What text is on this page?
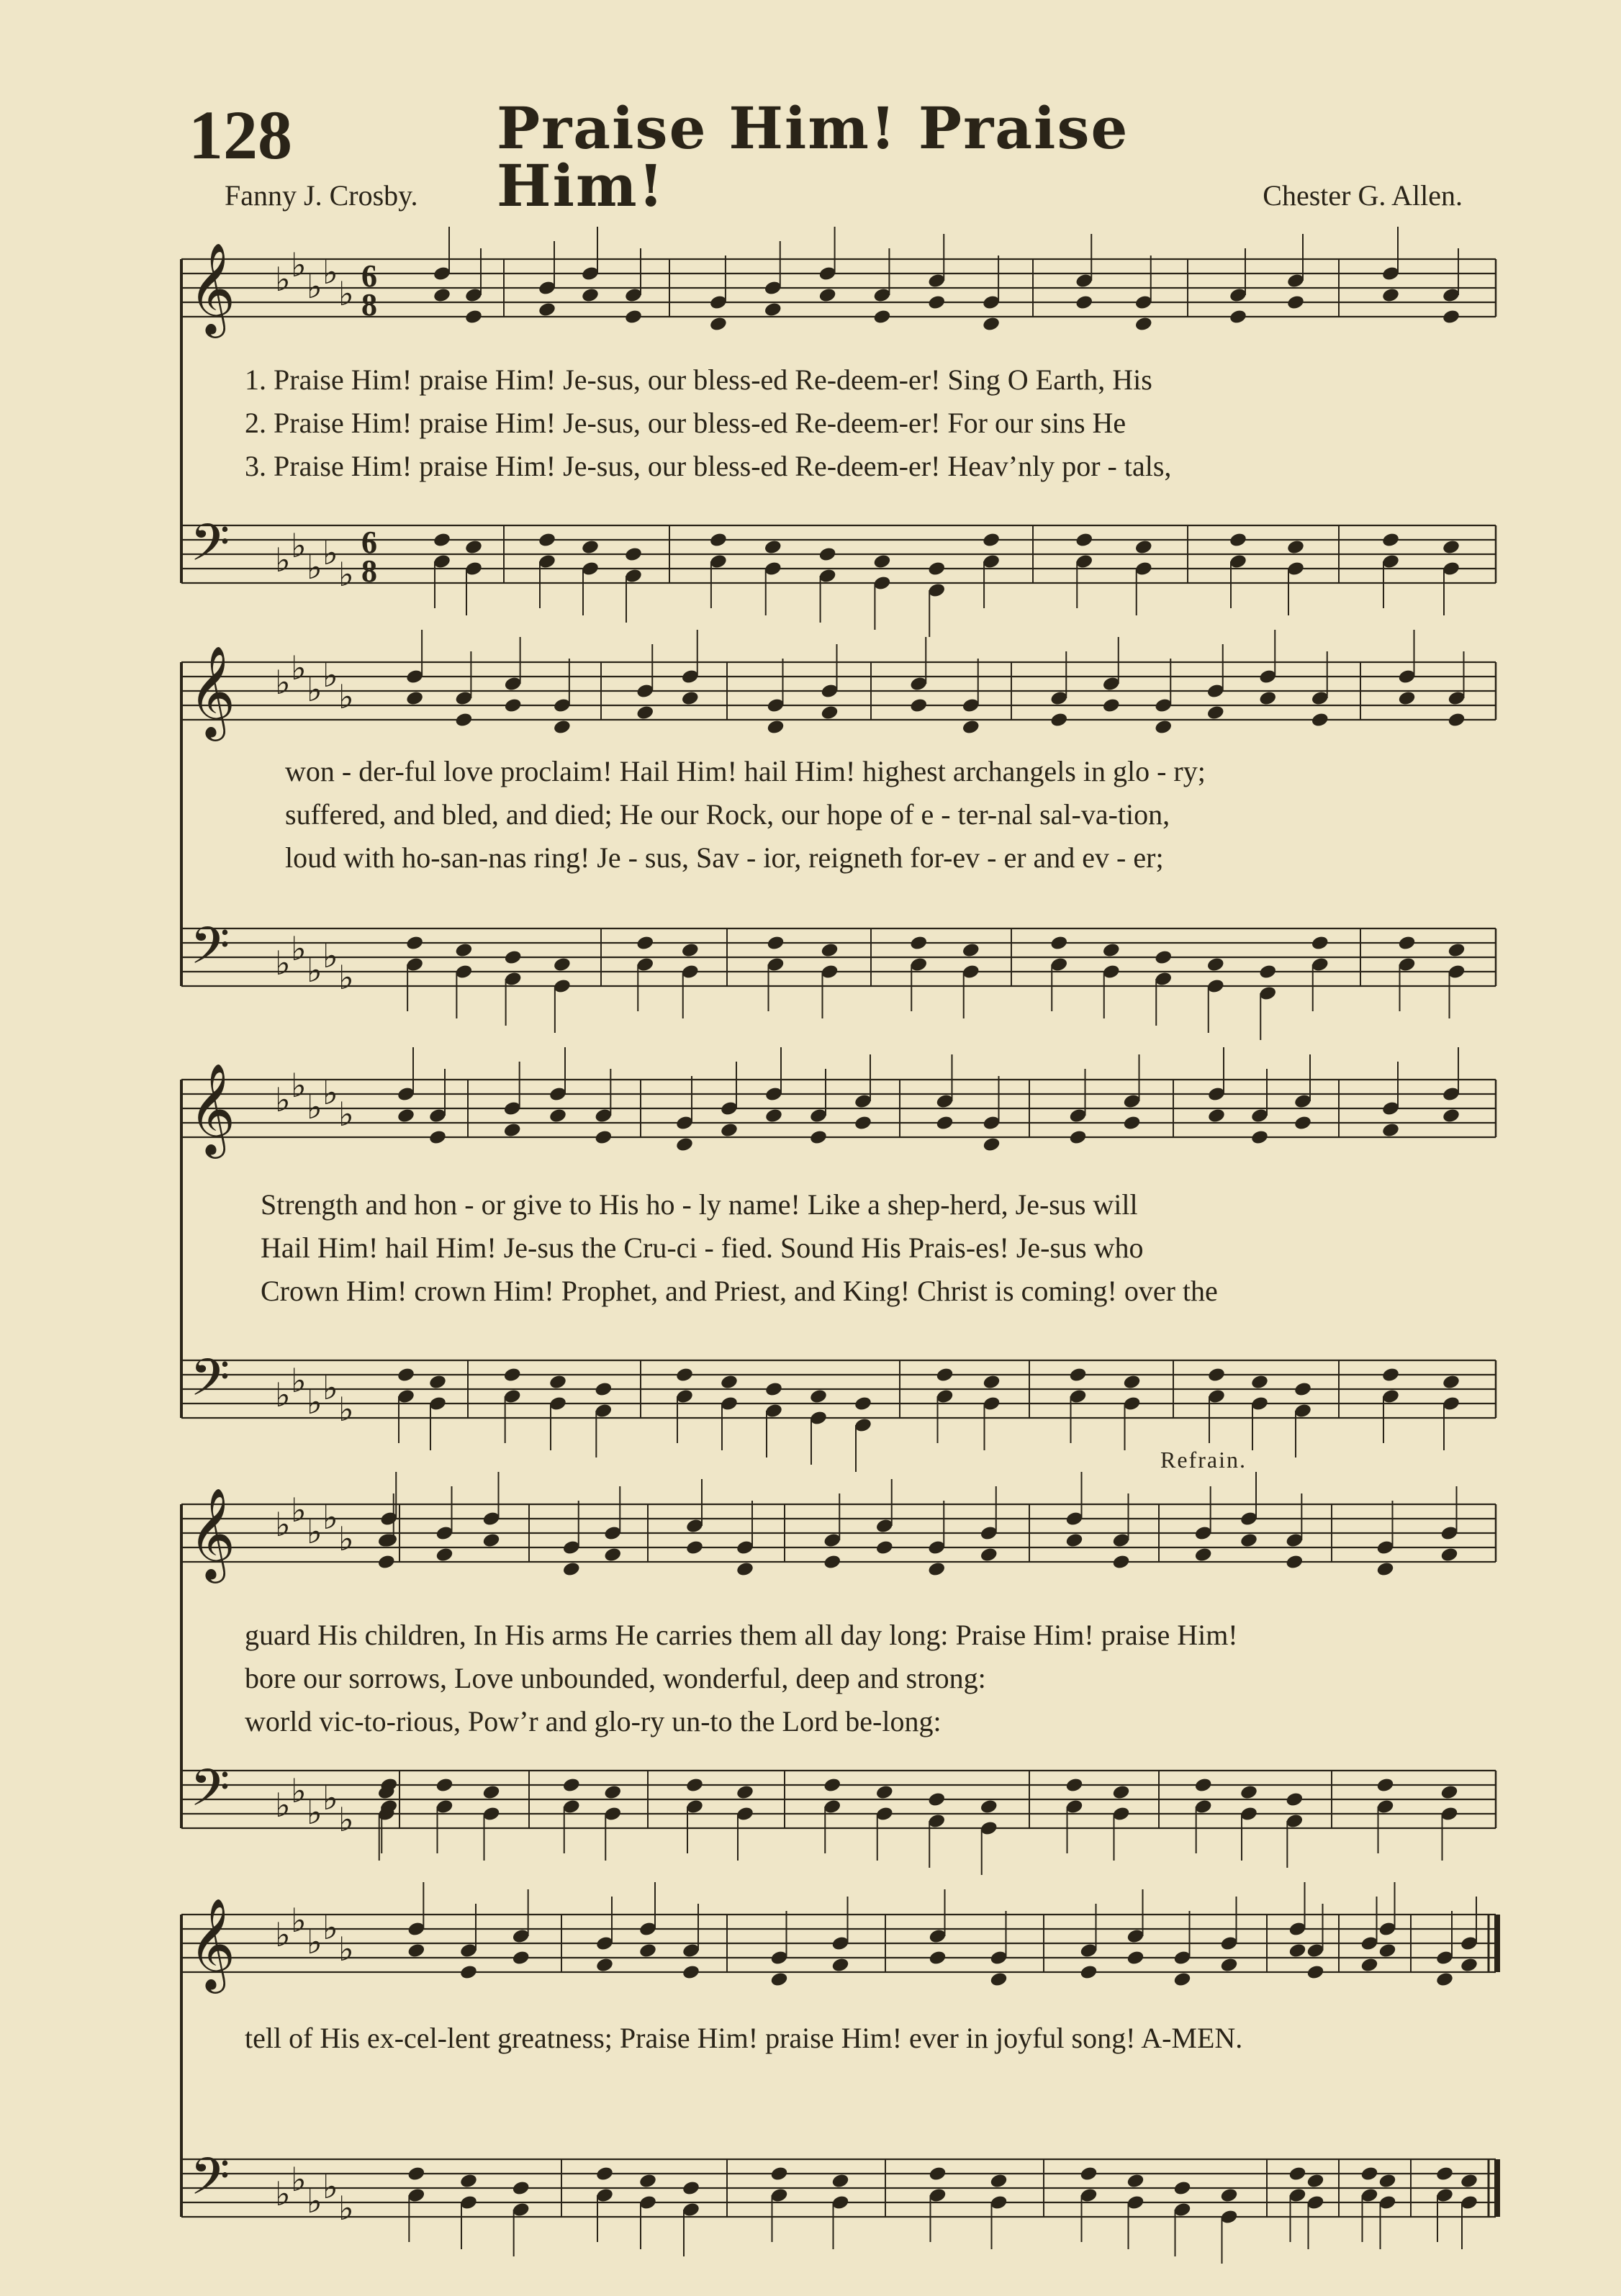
128	Praise Him! Praise Him!
Fanny J. Crosby.	Chester G. Allen.
𝄞
𝄢
♭
♭
♭
♭
♭
♭
♭
♭
♭
♭
6
8
6
8
𝄞
𝄢
♭
♭
♭
♭
♭
♭
♭
♭
♭
♭
𝄞
𝄢
♭
♭
♭
♭
♭
♭
♭
♭
♭
♭
𝄞
𝄢
♭
♭
♭
♭
♭
♭
♭
♭
♭
♭
𝄞
𝄢
♭
♭
♭
♭
♭
♭
♭
♭
♭
♭
1. Praise Him! praise Him! Je-sus, our bless-ed Re-deem-er! Sing O Earth, His
2. Praise Him! praise Him! Je-sus, our bless-ed Re-deem-er! For our sins He
3. Praise Him! praise Him! Je-sus, our bless-ed Re-deem-er! Heav’nly por - tals,
won - der-ful love proclaim! Hail Him! hail Him! highest archangels in glo - ry;
suffered, and bled, and died; He our Rock, our hope of e - ter-nal sal-va-tion,
loud with ho-san-nas ring! Je - sus, Sav - ior, reigneth for-ev - er and ev - er;
Strength and hon - or give to His ho - ly name! Like a shep-herd, Je-sus will
Hail Him! hail Him! Je-sus the Cru-ci - fied. Sound His Prais-es! Je-sus who
Crown Him! crown Him! Prophet, and Priest, and King! Christ is coming! over the
Refrain.
guard His children, In His arms He carries them all day long: Praise Him! praise Him!
bore our sorrows, Love unbounded, wonderful, deep and strong:
world vic-to-rious, Pow’r and glo-ry un-to the Lord be-long:
tell of His ex-cel-lent greatness; Praise Him! praise Him! ever in joyful song! A-MEN.
